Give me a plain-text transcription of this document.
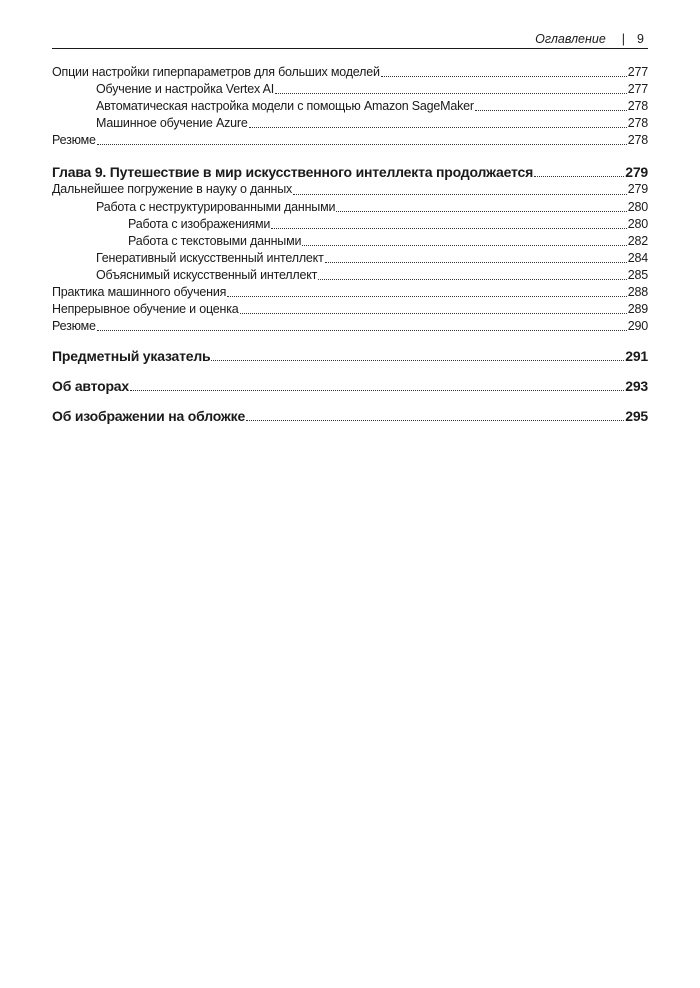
Оглавление | 9
Опции настройки гиперпараметров для больших моделей	277
Обучение и настройка Vertex AI	277
Автоматическая настройка модели с помощью Amazon SageMaker	278
Машинное обучение Azure	278
Резюме	278
Глава 9. Путешествие в мир искусственного интеллекта продолжается	279
Дальнейшее погружение в науку о данных	279
Работа с неструктурированными данными	280
Работа с изображениями	280
Работа с текстовыми данными	282
Генеративный искусственный интеллект	284
Объяснимый искусственный интеллект	285
Практика машинного обучения	288
Непрерывное обучение и оценка	289
Резюме	290
Предметный указатель	291
Об авторах	293
Об изображении на обложке	295
